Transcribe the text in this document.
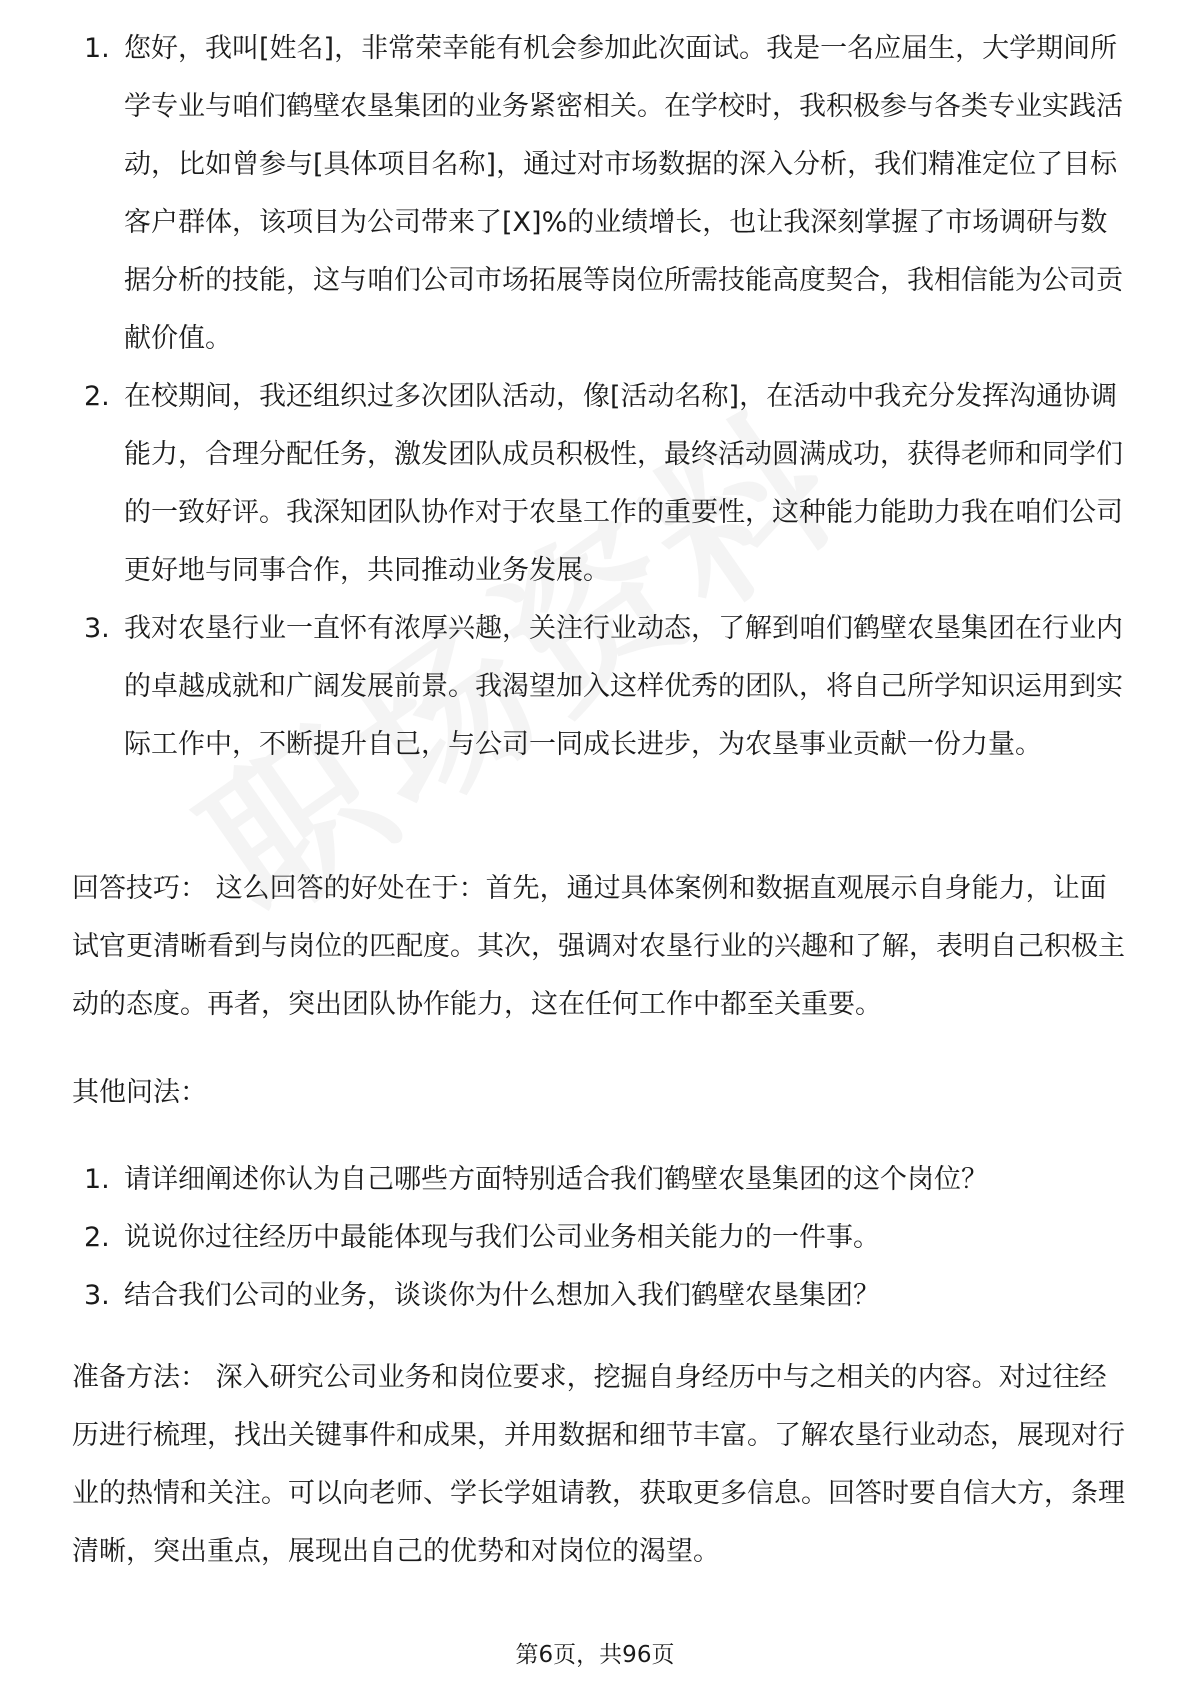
1. 您好，我叫[姓名]，非常荣幸能有机会参加此次面试。我是一名应届生，大学期间所学专业与咱们鹤壁农垦集团的业务紧密相关。在学校时，我积极参与各类专业实践活动，比如曾参与[具体项目名称]，通过对市场数据的深入分析，我们精准定位了目标客户群体，该项目为公司带来了[X]%的业绩增长，也让我深刻掌握了市场调研与数据分析的技能，这与咱们公司市场拓展等岗位所需技能高度契合，我相信能为公司贡献价值。
2. 在校期间，我还组织过多次团队活动，像[活动名称]，在活动中我充分发挥沟通协调能力，合理分配任务，激发团队成员积极性，最终活动圆满成功，获得老师和同学们的一致好评。我深知团队协作对于农垦工作的重要性，这种能力能助力我在咱们公司更好地与同事合作，共同推动业务发展。
3. 我对农垦行业一直怀有浓厚兴趣，关注行业动态，了解到咱们鹤壁农垦集团在行业内的卓越成就和广阔发展前景。我渴望加入这样优秀的团队，将自己所学知识运用到实际工作中，不断提升自己，与公司一同成长进步，为农垦事业贡献一份力量。

回答技巧： 这么回答的好处在于：首先，通过具体案例和数据直观展示自身能力，让面试官更清晰看到与岗位的匹配度。其次，强调对农垦行业的兴趣和了解，表明自己积极主动的态度。再者，突出团队协作能力，这在任何工作中都至关重要。

其他问法：

1. 请详细阐述你认为自己哪些方面特别适合我们鹤壁农垦集团的这个岗位？
2. 说说你过往经历中最能体现与我们公司业务相关能力的一件事。
3. 结合我们公司的业务，谈谈你为什么想加入我们鹤壁农垦集团？

准备方法： 深入研究公司业务和岗位要求，挖掘自身经历中与之相关的内容。对过往经历进行梳理，找出关键事件和成果，并用数据和细节丰富。了解农垦行业动态，展现对行业的热情和关注。可以向老师、学长学姐请教，获取更多信息。回答时要自信大方，条理清晰，突出重点，展现出自己的优势和对岗位的渴望。

第6页，共96页
